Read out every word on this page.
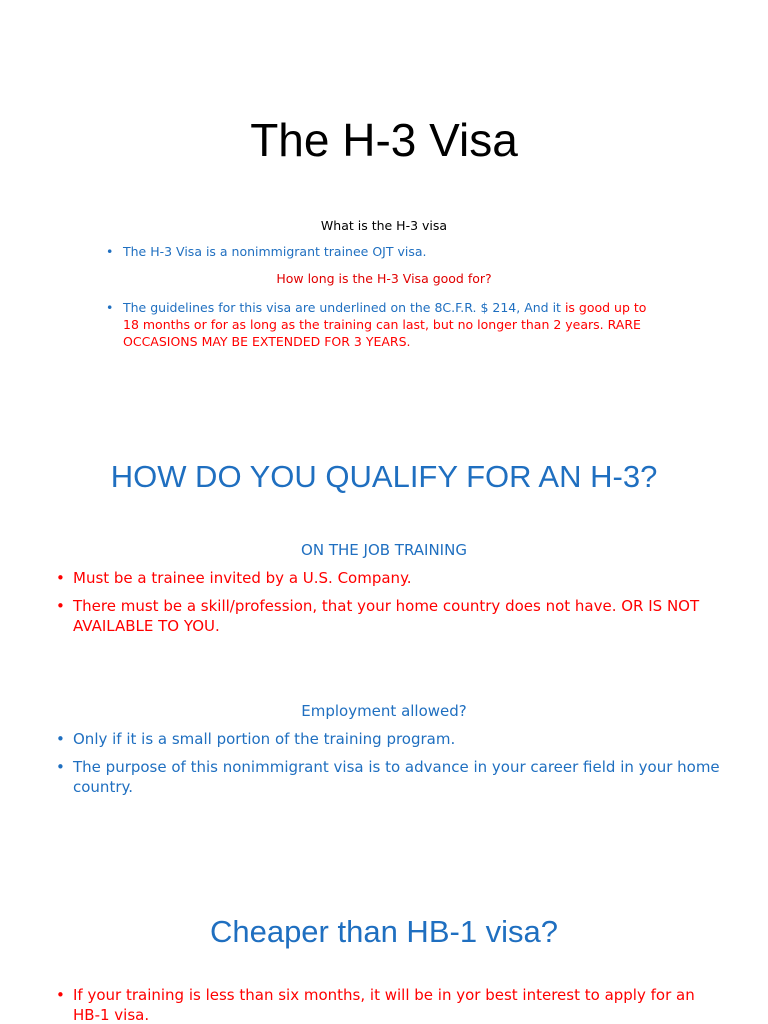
The H-3 Visa
What is the H-3 visa
• The H-3 Visa is a nonimmigrant trainee OJT visa.
How long is the H-3 Visa good for?
• The guidelines for this visa are underlined on the 8C.F.R. $ 214, And it is good up to 18 months or for as long as the training can last, but no longer than 2 years. RARE OCCASIONS MAY BE EXTENDED FOR 3 YEARS.
HOW DO YOU QUALIFY FOR AN H-3?
ON THE JOB TRAINING
• Must be a trainee invited by a U.S. Company.
• There must be a skill/profession, that your home country does not have. OR IS NOT AVAILABLE TO YOU.
Employment allowed?
• Only if it is a small portion of the training program.
• The purpose of this nonimmigrant visa is to advance in your career field in your home country.
Cheaper than HB-1 visa?
• If your training is less than six months, it will be in yor best interest to apply for an HB-1 visa.
